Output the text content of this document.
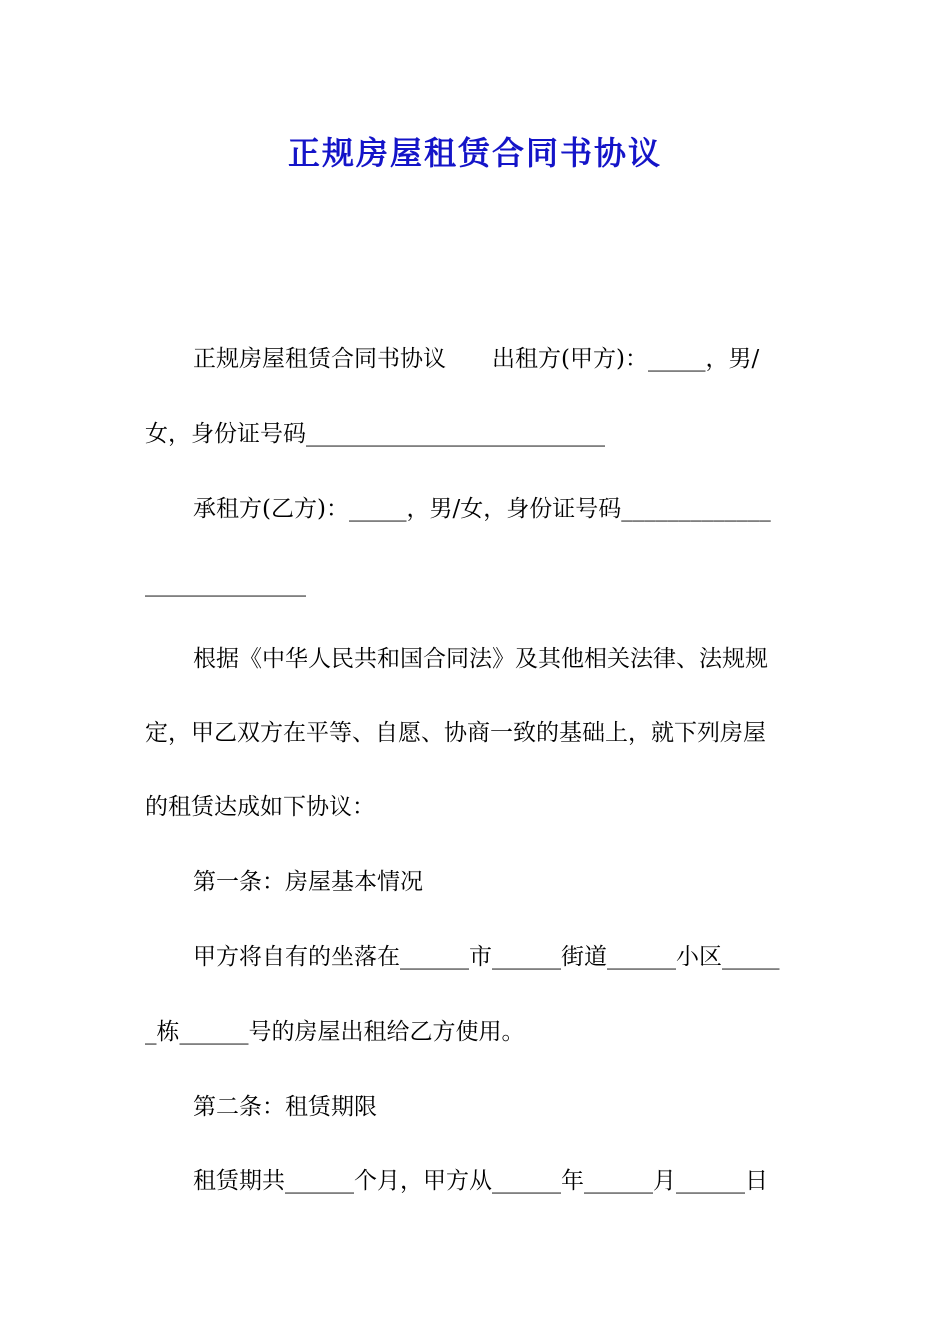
正规房屋租赁合同书协议
正规房屋租赁合同书协议　　出租方(甲方)：_____，男/
女，身份证号码__________________________
承租方(乙方)：_____，男/女，身份证号码_____________
______________
根据《中华人民共和国合同法》及其他相关法律、法规规
定，甲乙双方在平等、自愿、协商一致的基础上，就下列房屋
的租赁达成如下协议：
第一条：房屋基本情况
甲方将自有的坐落在______市______街道______小区_____
_栋______号的房屋出租给乙方使用。
第二条：租赁期限
租赁期共______个月，甲方从______年______月______日
